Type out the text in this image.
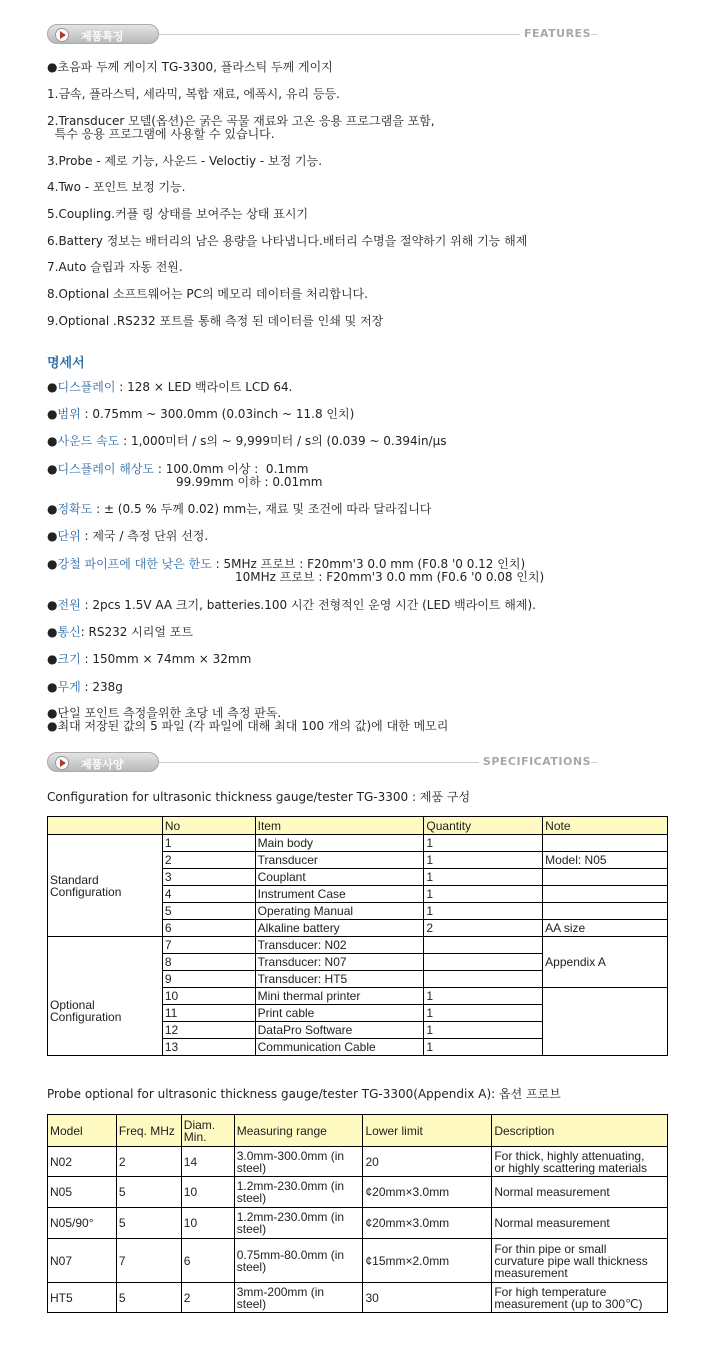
제품특징	FEATURES
●초음파 두께 게이지 TG-3300, 플라스틱 두께 게이지
1.금속, 플라스틱, 세라믹, 복합 재료, 에폭시, 유리 등등.
2.Transducer 모델(옵션)은 굵은 곡물 재료와 고온 응용 프로그램을 포함,
특수 응용 프로그램에 사용할 수 있습니다.
3.Probe - 제로 기능, 사운드 - Veloctiy - 보정 기능.
4.Two - 포인트 보정 기능.
5.Coupling.커플 링 상태를 보여주는 상태 표시기
6.Battery 정보는 배터리의 남은 용량을 나타냅니다.배터리 수명을 절약하기 위해 기능 해제
7.Auto 슬립과 자동 전원.
8.Optional 소프트웨어는 PC의 메모리 데이터를 처리합니다.
9.Optional .RS232 포트를 통해 측정 된 데이터를 인쇄 및 저장
명세서
●디스플레이 : 128 × LED 백라이트 LCD 64.
●범위 : 0.75mm ~ 300.0mm (0.03inch ~ 11.8 인치)
●사운드 속도 : 1,000미터 / s의 ~ 9,999미터 / s의 (0.039 ~ 0.394in/μs
●디스플레이 해상도 : 100.0mm 이상 :  0.1mm
99.99mm 이하 : 0.01mm
●정확도 : ± (0.5 % 두께 0.02) mm는, 재료 및 조건에 따라 달라집니다
●단위 : 제국 / 측정 단위 선정.
●강철 파이프에 대한 낮은 한도 : 5MHz 프로브 : F20mm'3 0.0 mm (F0.8 '0 0.12 인치)
10MHz 프로브 : F20mm'3 0.0 mm (F0.6 '0 0.08 인치)
●전원 : 2pcs 1.5V AA 크기, batteries.100 시간 전형적인 운영 시간 (LED 백라이트 해제).
●통신: RS232 시리얼 포트
●크기 : 150mm × 74mm × 32mm
●무게 : 238g
●단일 포인트 측정을위한 초당 네 측정 판독.
●최대 저장된 값의 5 파일 (각 파일에 대해 최대 100 개의 값)에 대한 메모리
제품사양	SPECIFICATIONS
Configuration for ultrasonic thickness gauge/tester TG-3300 : 제품 구성
	No	Item	Quantity	Note
Standard
Configuration	1	Main body	1	
	2	Transducer	1	Model: N05
	3	Couplant	1	
	4	Instrument Case	1	
	5	Operating Manual	1	
	6	Alkaline battery	2	AA size
Optional
Configuration	7	Transducer: N02		Appendix A
	8	Transducer: N07		
	9	Transducer: HT5		
	10	Mini thermal printer	1	
	11	Print cable	1	
	12	DataPro Software	1	
	13	Communication Cable	1	
Probe optional for ultrasonic thickness gauge/tester TG-3300(Appendix A): 옵션 프로브
Model	Freq. MHz	Diam.
Min.	Measuring range	Lower limit	Description
N02	2	14	3.0mm-300.0mm (in
steel)	20	For thick, highly attenuating,
or highly scattering materials
N05	5	10	1.2mm-230.0mm (in
steel)	¢20mm×3.0mm	Normal measurement
N05/90°	5	10	1.2mm-230.0mm (in
steel)	¢20mm×3.0mm	Normal measurement
N07	7	6	0.75mm-80.0mm (in
steel)	¢15mm×2.0mm	For thin pipe or small
curvature pipe wall thickness
measurement
HT5	5	2	3mm-200mm (in
steel)	30	For high temperature
measurement (up to 300℃)
